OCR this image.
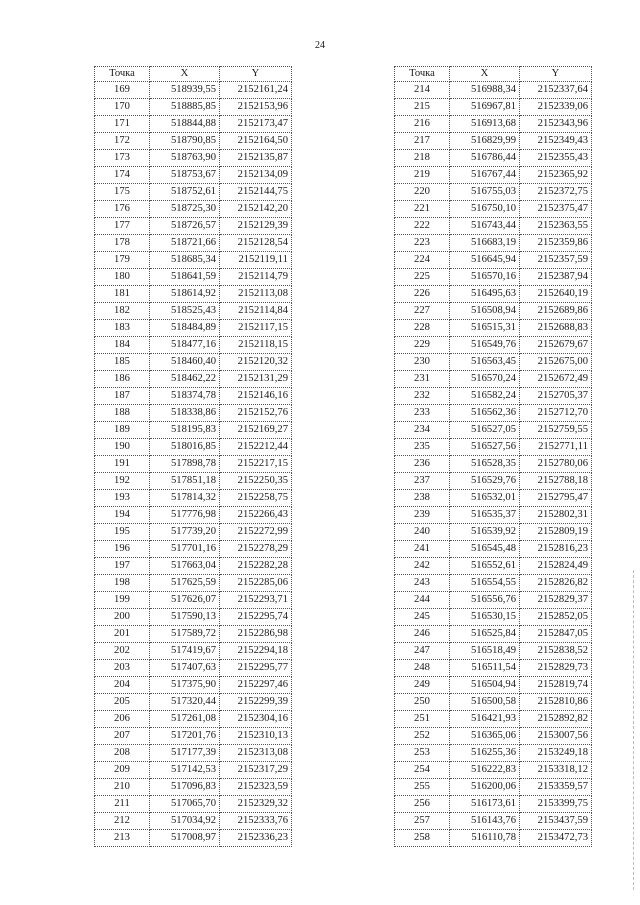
24
Точка	X	Y
169	518939,55	2152161,24
170	518885,85	2152153,96
171	518844,88	2152173,47
172	518790,85	2152164,50
173	518763,90	2152135,87
174	518753,67	2152134,09
175	518752,61	2152144,75
176	518725,30	2152142,20
177	518726,57	2152129,39
178	518721,66	2152128,54
179	518685,34	2152119,11
180	518641,59	2152114,79
181	518614,92	2152113,08
182	518525,43	2152114,84
183	518484,89	2152117,15
184	518477,16	2152118,15
185	518460,40	2152120,32
186	518462,22	2152131,29
187	518374,78	2152146,16
188	518338,86	2152152,76
189	518195,83	2152169,27
190	518016,85	2152212,44
191	517898,78	2152217,15
192	517851,18	2152250,35
193	517814,32	2152258,75
194	517776,98	2152266,43
195	517739,20	2152272,99
196	517701,16	2152278,29
197	517663,04	2152282,28
198	517625,59	2152285,06
199	517626,07	2152293,71
200	517590,13	2152295,74
201	517589,72	2152286,98
202	517419,67	2152294,18
203	517407,63	2152295,77
204	517375,90	2152297,46
205	517320,44	2152299,39
206	517261,08	2152304,16
207	517201,76	2152310,13
208	517177,39	2152313,08
209	517142,53	2152317,29
210	517096,83	2152323,59
211	517065,70	2152329,32
212	517034,92	2152333,76
213	517008,97	2152336,23
Точка	X	Y
214	516988,34	2152337,64
215	516967,81	2152339,06
216	516913,68	2152343,96
217	516829,99	2152349,43
218	516786,44	2152355,43
219	516767,44	2152365,92
220	516755,03	2152372,75
221	516750,10	2152375,47
222	516743,44	2152363,55
223	516683,19	2152359,86
224	516645,94	2152357,59
225	516570,16	2152387,94
226	516495,63	2152640,19
227	516508,94	2152689,86
228	516515,31	2152688,83
229	516549,76	2152679,67
230	516563,45	2152675,00
231	516570,24	2152672,49
232	516582,24	2152705,37
233	516562,36	2152712,70
234	516527,05	2152759,55
235	516527,56	2152771,11
236	516528,35	2152780,06
237	516529,76	2152788,18
238	516532,01	2152795,47
239	516535,37	2152802,31
240	516539,92	2152809,19
241	516545,48	2152816,23
242	516552,61	2152824,49
243	516554,55	2152826,82
244	516556,76	2152829,37
245	516530,15	2152852,05
246	516525,84	2152847,05
247	516518,49	2152838,52
248	516511,54	2152829,73
249	516504,94	2152819,74
250	516500,58	2152810,86
251	516421,93	2152892,82
252	516365,06	2153007,56
253	516255,36	2153249,18
254	516222,83	2153318,12
255	516200,06	2153359,57
256	516173,61	2153399,75
257	516143,76	2153437,59
258	516110,78	2153472,73
